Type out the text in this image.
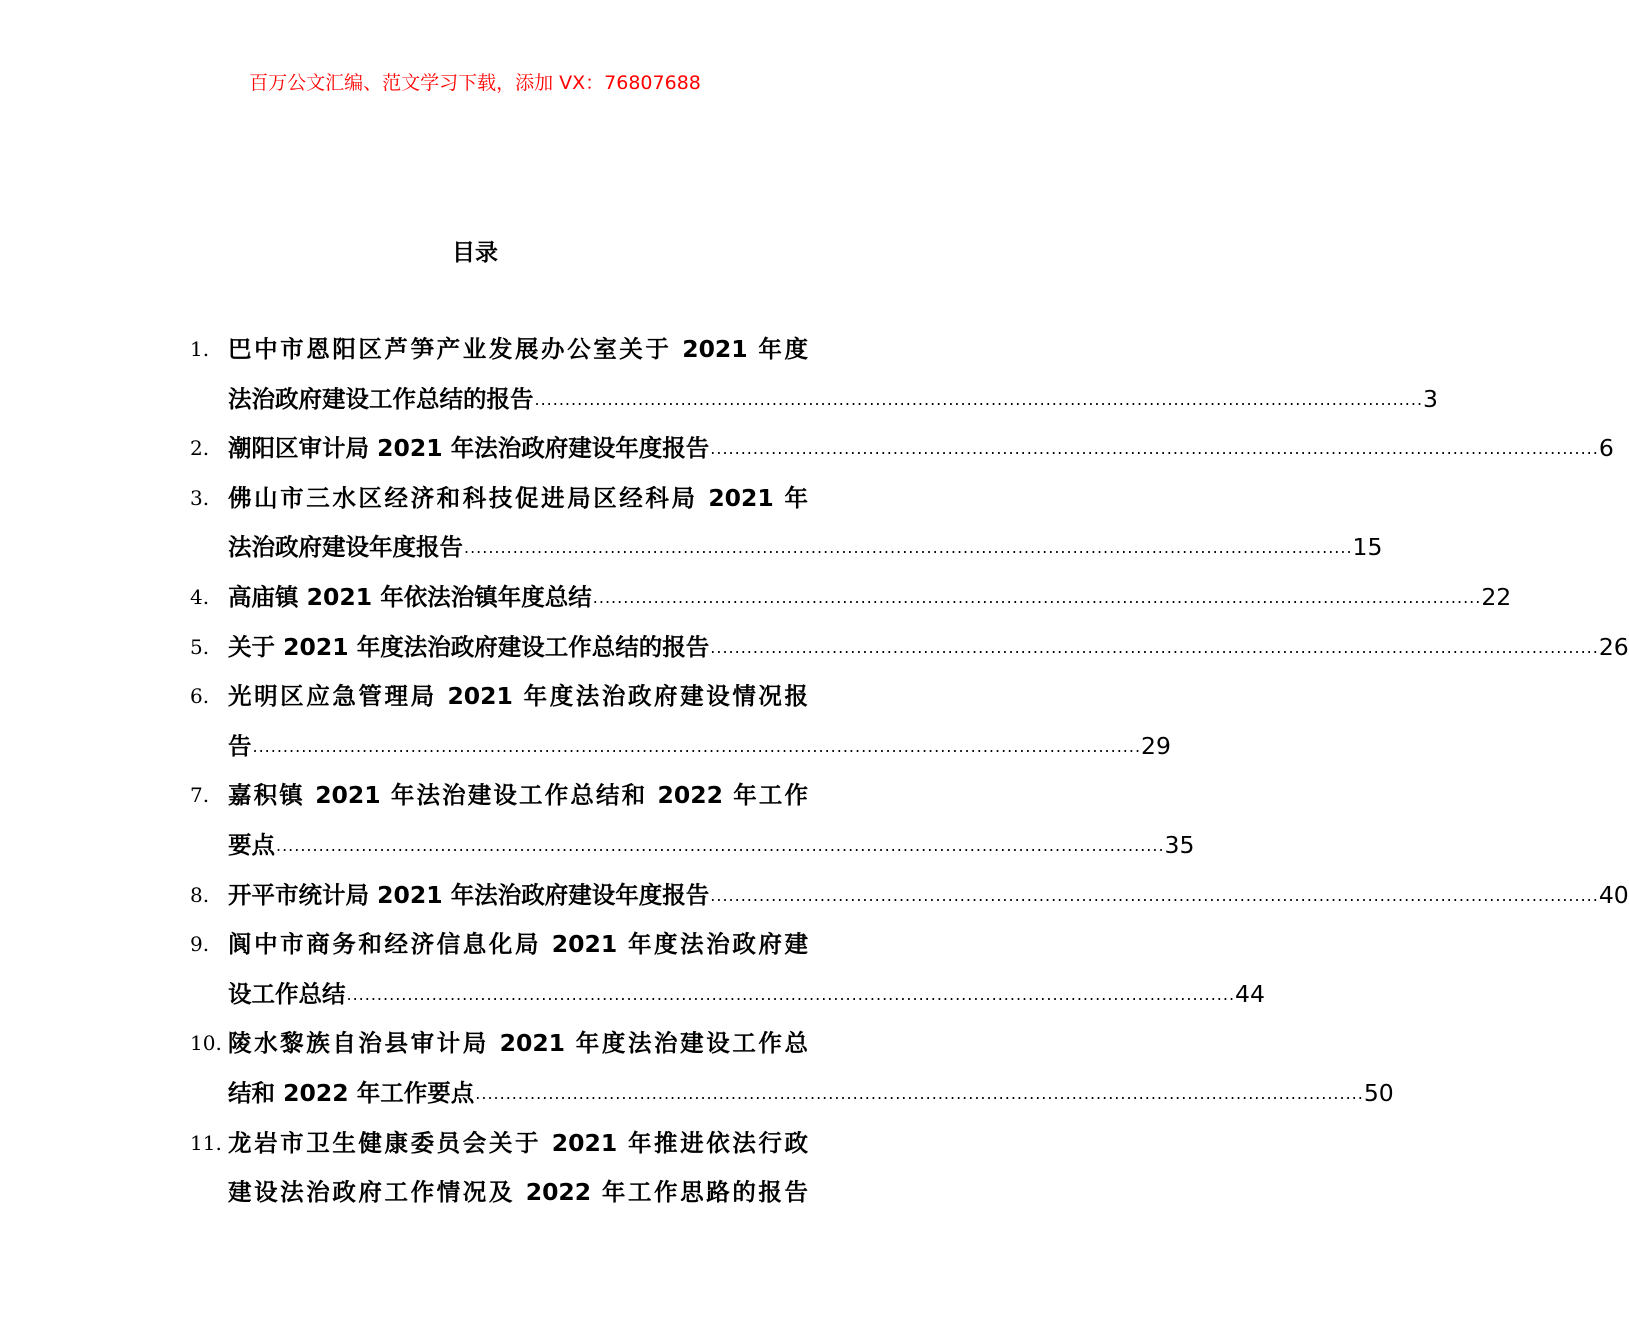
百万公文汇编、范文学习下载，添加 VX：76807688
目录
1. 巴中市恩阳区芦笋产业发展办公室关于 2021 年度
法治政府建设工作总结的报告 .................................................................................................................................................. 3
2. 潮阳区审计局 2021 年法治政府建设年度报告 .................................................................................................................................................. 6
3. 佛山市三水区经济和科技促进局区经科局 2021 年
法治政府建设年度报告 .................................................................................................................................................. 15
4. 高庙镇 2021 年依法治镇年度总结 .................................................................................................................................................. 22
5. 关于 2021 年度法治政府建设工作总结的报告 .................................................................................................................................................. 26
6. 光明区应急管理局 2021 年度法治政府建设情况报
告 .................................................................................................................................................. 29
7. 嘉积镇 2021 年法治建设工作总结和 2022 年工作
要点 .................................................................................................................................................. 35
8. 开平市统计局 2021 年法治政府建设年度报告 .................................................................................................................................................. 40
9. 阆中市商务和经济信息化局 2021 年度法治政府建
设工作总结 .................................................................................................................................................. 44
10. 陵水黎族自治县审计局 2021 年度法治建设工作总
结和 2022 年工作要点 .................................................................................................................................................. 50
11. 龙岩市卫生健康委员会关于 2021 年推进依法行政
建设法治政府工作情况及 2022 年工作思路的报告
